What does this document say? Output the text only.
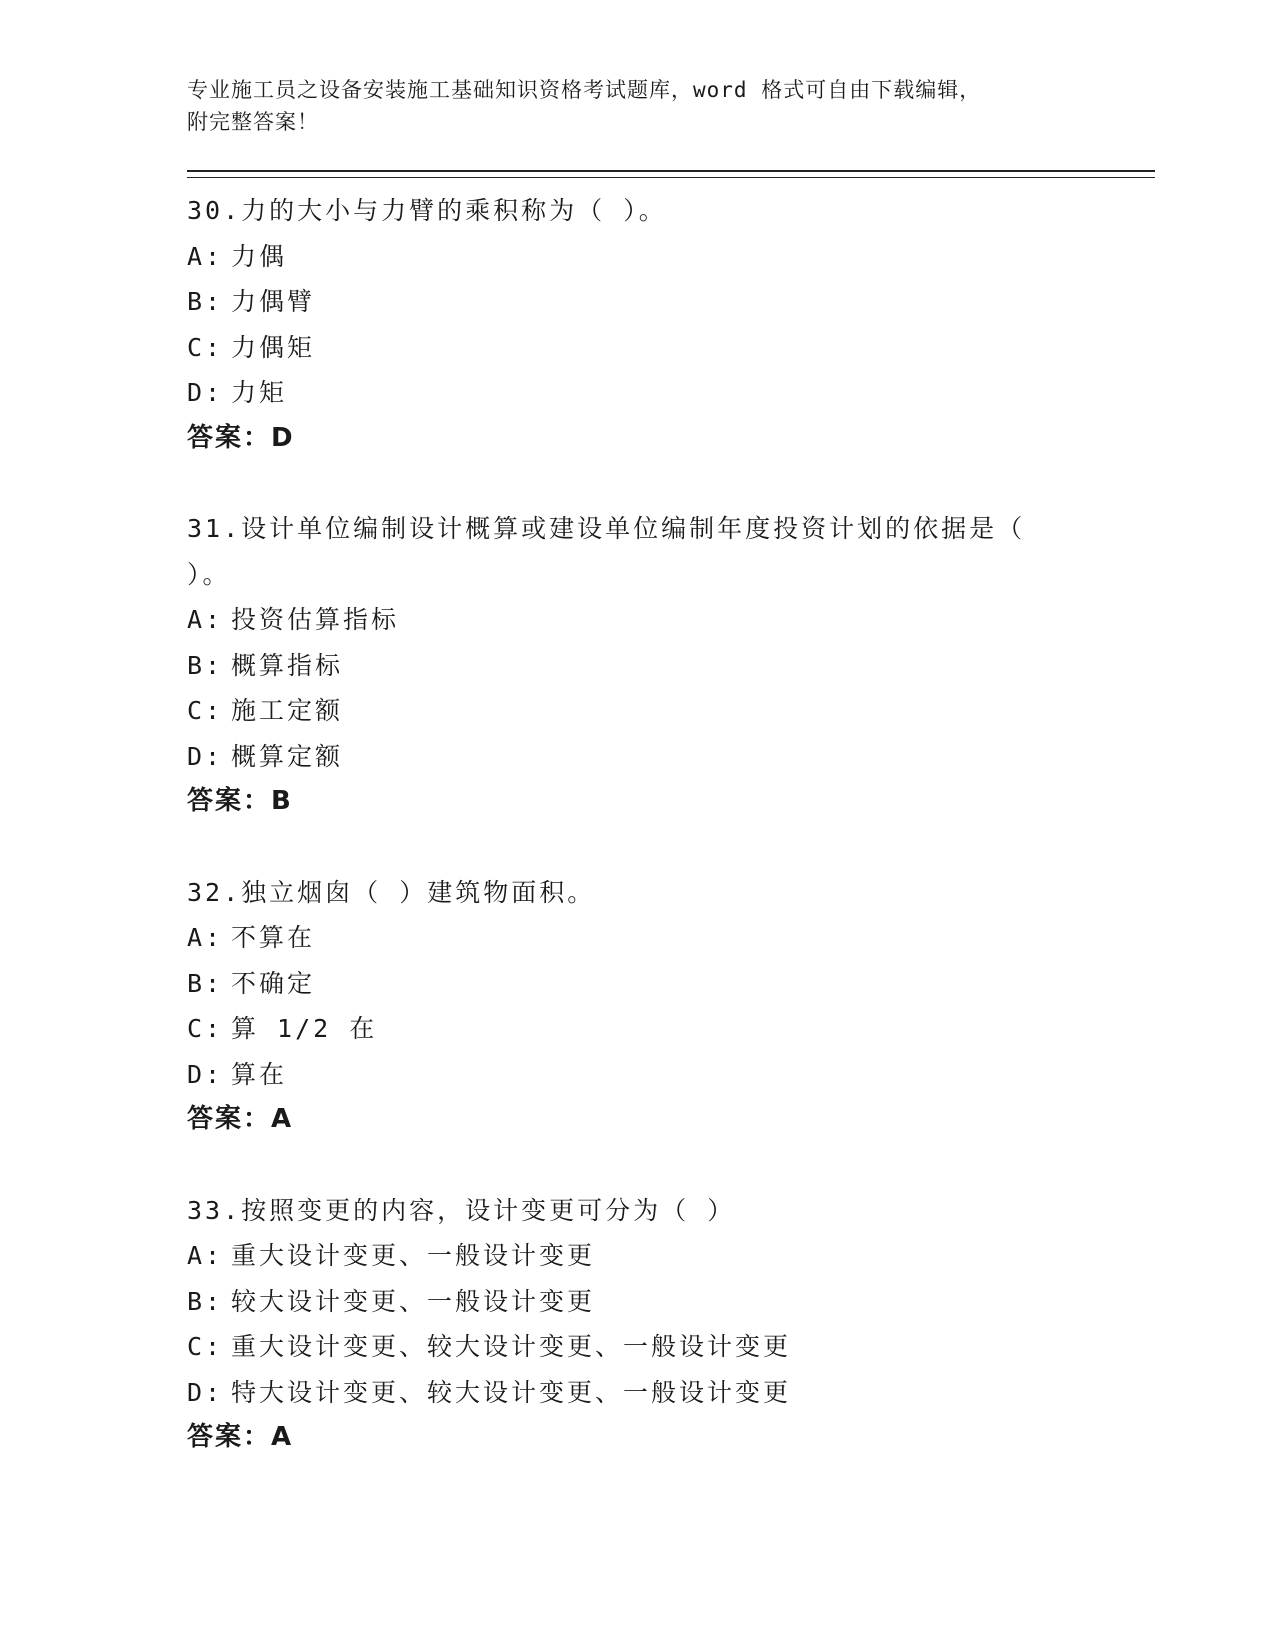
专业施工员之设备安装施工基础知识资格考试题库，word 格式可自由下载编辑，
附完整答案！

30.力的大小与力臂的乘积称为（ ）。

A: 力偶

B: 力偶臂

C: 力偶矩

D: 力矩

答案：D

31.设计单位编制设计概算或建设单位编制年度投资计划的依据是（ ）。

A: 投资估算指标

B: 概算指标

C: 施工定额

D: 概算定额

答案：B

32.独立烟囱（ ）建筑物面积。

A: 不算在

B: 不确定

C: 算 1/2 在

D: 算在

答案：A

33.按照变更的内容，设计变更可分为（ ）

A: 重大设计变更、一般设计变更

B: 较大设计变更、一般设计变更

C: 重大设计变更、较大设计变更、一般设计变更

D: 特大设计变更、较大设计变更、一般设计变更

答案：A
